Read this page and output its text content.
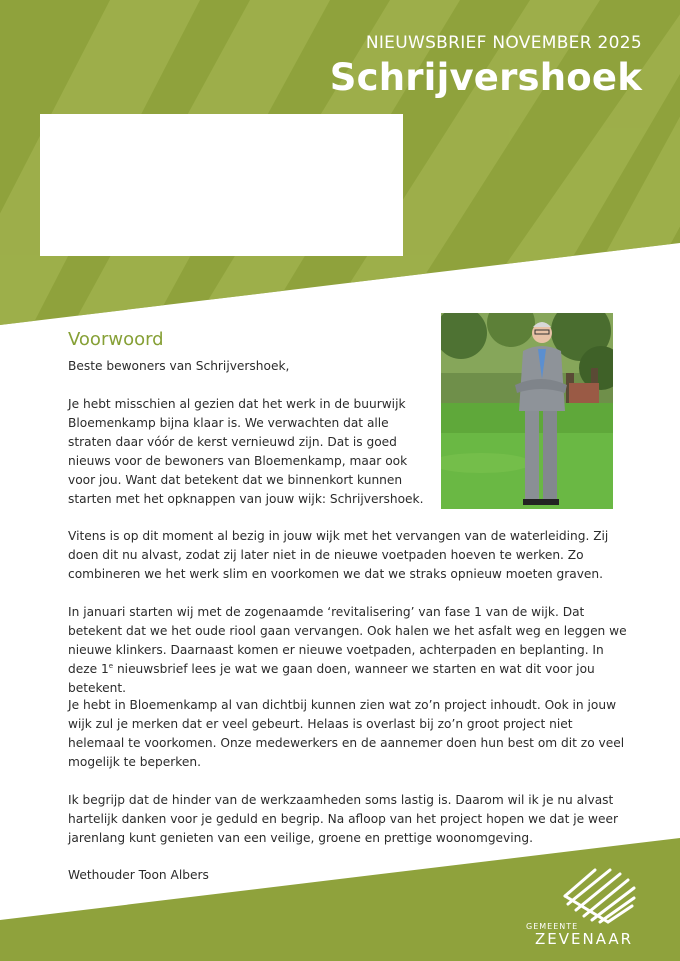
NIEUWSBRIEF NOVEMBER 2025
Schrijvershoek
Voorwoord

Beste bewoners van Schrijvershoek,

Je hebt misschien al gezien dat het werk in de buurwijk Bloemenkamp bijna klaar is. We verwachten dat alle straten daar vóór de kerst vernieuwd zijn. Dat is goed nieuws voor de bewoners van Bloemenkamp, maar ook voor jou. Want dat betekent dat we binnenkort kunnen starten met het opknappen van jouw wijk: Schrijvershoek.

Vitens is op dit moment al bezig in jouw wijk met het vervangen van de waterleiding. Zij doen dit nu alvast, zodat zij later niet in de nieuwe voetpaden hoeven te werken. Zo combineren we het werk slim en voorkomen we dat we straks opnieuw moeten graven.

In januari starten wij met de zogenaamde ‘revitalisering’ van fase 1 van de wijk. Dat betekent dat we het oude riool gaan vervangen. Ook halen we het asfalt weg en leggen we nieuwe klinkers. Daarnaast komen er nieuwe voetpaden, achterpaden en beplanting. In deze 1e nieuwsbrief lees je wat we gaan doen, wanneer we starten en wat dit voor jou betekent.

Je hebt in Bloemenkamp al van dichtbij kunnen zien wat zo’n project inhoudt. Ook in jouw wijk zul je merken dat er veel gebeurt. Helaas is overlast bij zo’n groot project niet helemaal te voorkomen. Onze medewerkers en de aannemer doen hun best om dit zo veel mogelijk te beperken.

Ik begrijp dat de hinder van de werkzaamheden soms lastig is. Daarom wil ik je nu alvast hartelijk danken voor je geduld en begrip. Na afloop van het project hopen we dat je weer jarenlang kunt genieten van een veilige, groene en prettige woonomgeving.

Wethouder Toon Albers

GEMEENTE
ZEVENAAR
